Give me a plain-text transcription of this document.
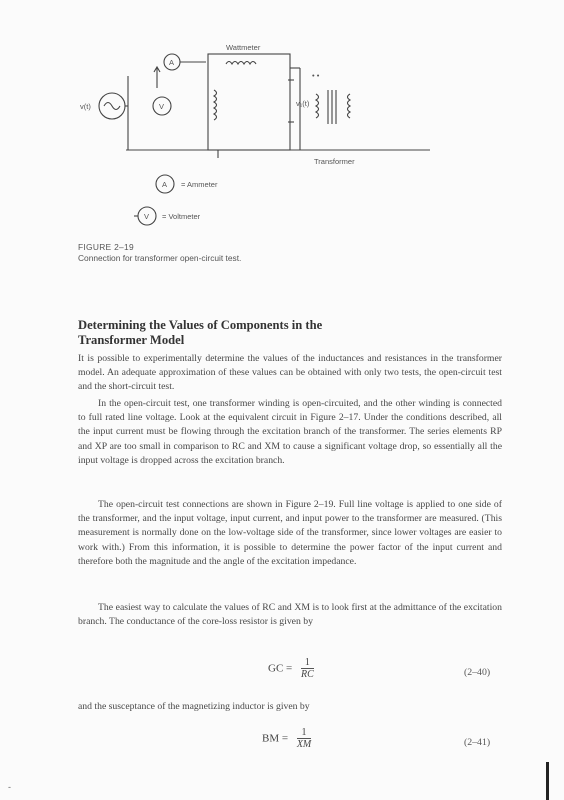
Wattmeter
A
V
v(t)	v₁(t)
• •
Transformer
A = Ammeter
V = Voltmeter
FIGURE 2–19
Connection for transformer open-circuit test.
Determining the Values of Components in the
Transformer Model

It is possible to experimentally determine the values of the inductances and resistances in the transformer model. An adequate approximation of these values can be obtained with only two tests, the open-circuit test and the short-circuit test.

In the open-circuit test, one transformer winding is open-circuited, and the other winding is connected to full rated line voltage. Look at the equivalent circuit in Figure 2–17. Under the conditions described, all the input current must be flowing through the excitation branch of the transformer. The series elements RP and XP are too small in comparison to RC and XM to cause a significant voltage drop, so essentially all the input voltage is dropped across the excitation branch.

The open-circuit test connections are shown in Figure 2–19. Full line voltage is applied to one side of the transformer, and the input voltage, input current, and input power to the transformer are measured. (This measurement is normally done on the low-voltage side of the transformer, since lower voltages are easier to work with.) From this information, it is possible to determine the power factor of the input current and therefore both the magnitude and the angle of the excitation impedance.

The easiest way to calculate the values of RC and XM is to look first at the admittance of the excitation branch. The conductance of the core-loss resistor is given by

GC = $\frac{1}{RC}$	(2–40)

and the susceptance of the magnetizing inductor is given by

BM = $\frac{1}{XM}$	(2–41)
-
